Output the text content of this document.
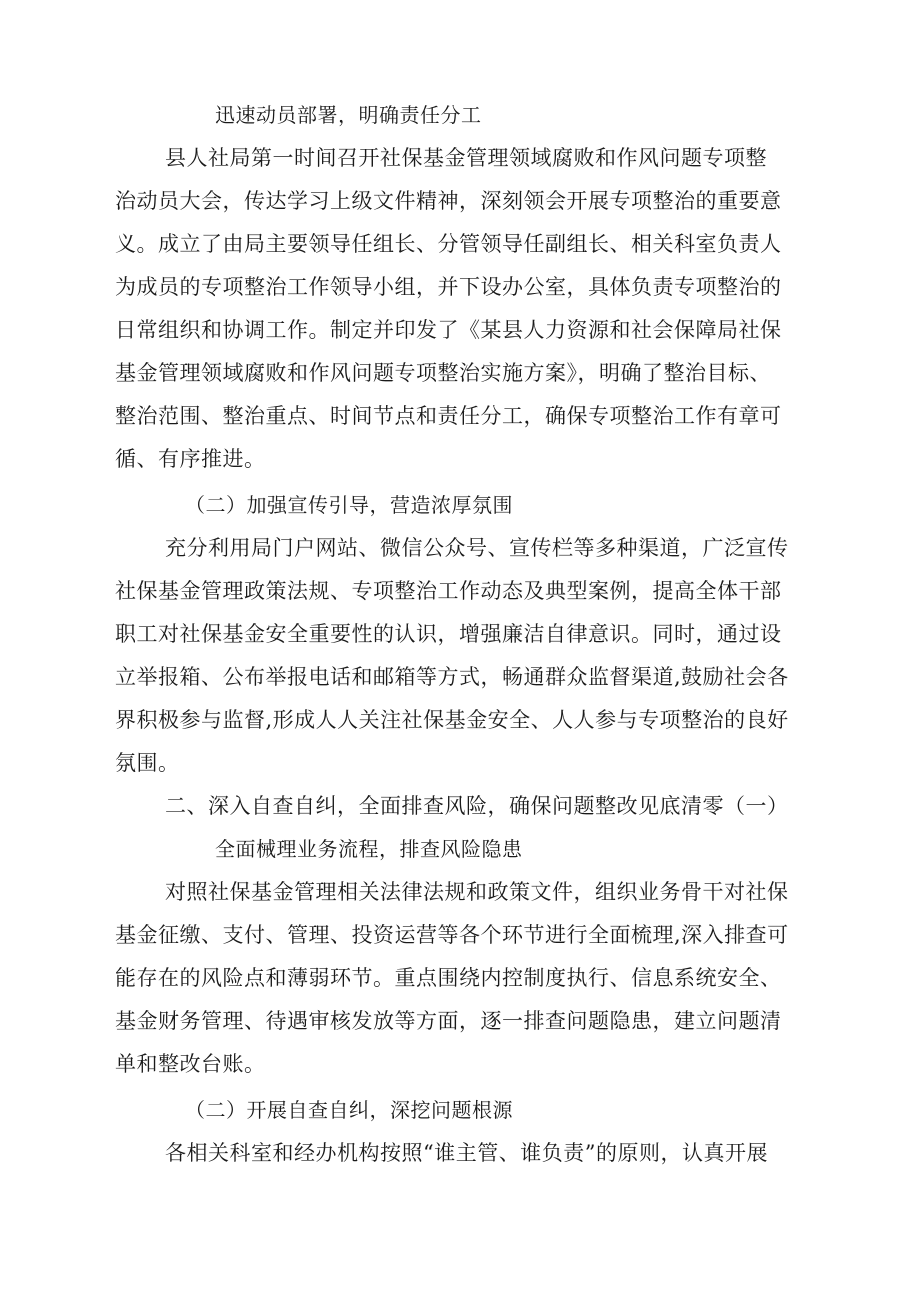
迅速动员部署，明确责任分工
县人社局第一时间召开社保基金管理领域腐败和作风问题专项整
治动员大会，传达学习上级文件精神，深刻领会开展专项整治的重要意
义。成立了由局主要领导任组长、分管领导任副组长、相关科室负责人
为成员的专项整治工作领导小组，并下设办公室，具体负责专项整治的
日常组织和协调工作。制定并印发了《某县人力资源和社会保障局社保
基金管理领域腐败和作风问题专项整治实施方案》，明确了整治目标、
整治范围、整治重点、时间节点和责任分工，确保专项整治工作有章可
循、有序推进。
（二）加强宣传引导，营造浓厚氛围
充分利用局门户网站、微信公众号、宣传栏等多种渠道，广泛宣传
社保基金管理政策法规、专项整治工作动态及典型案例，提高全体干部
职工对社保基金安全重要性的认识，增强廉洁自律意识。同时，通过设
立举报箱、公布举报电话和邮箱等方式，畅通群众监督渠道,鼓励社会各
界积极参与监督,形成人人关注社保基金安全、人人参与专项整治的良好
氛围。
二、深入自查自纠，全面排查风险，确保问题整改见底清零（一）
全面械理业务流程，排查风险隐患
对照社保基金管理相关法律法规和政策文件，组织业务骨干对社保
基金征缴、支付、管理、投资运营等各个环节进行全面梳理,深入排查可
能存在的风险点和薄弱环节。重点围绕内控制度执行、信息系统安全、
基金财务管理、待遇审核发放等方面，逐一排查问题隐患，建立问题清
单和整改台账。
（二）开展自查自纠，深挖问题根源
各相关科室和经办机构按照“谁主管、谁负责”的原则，认真开展
